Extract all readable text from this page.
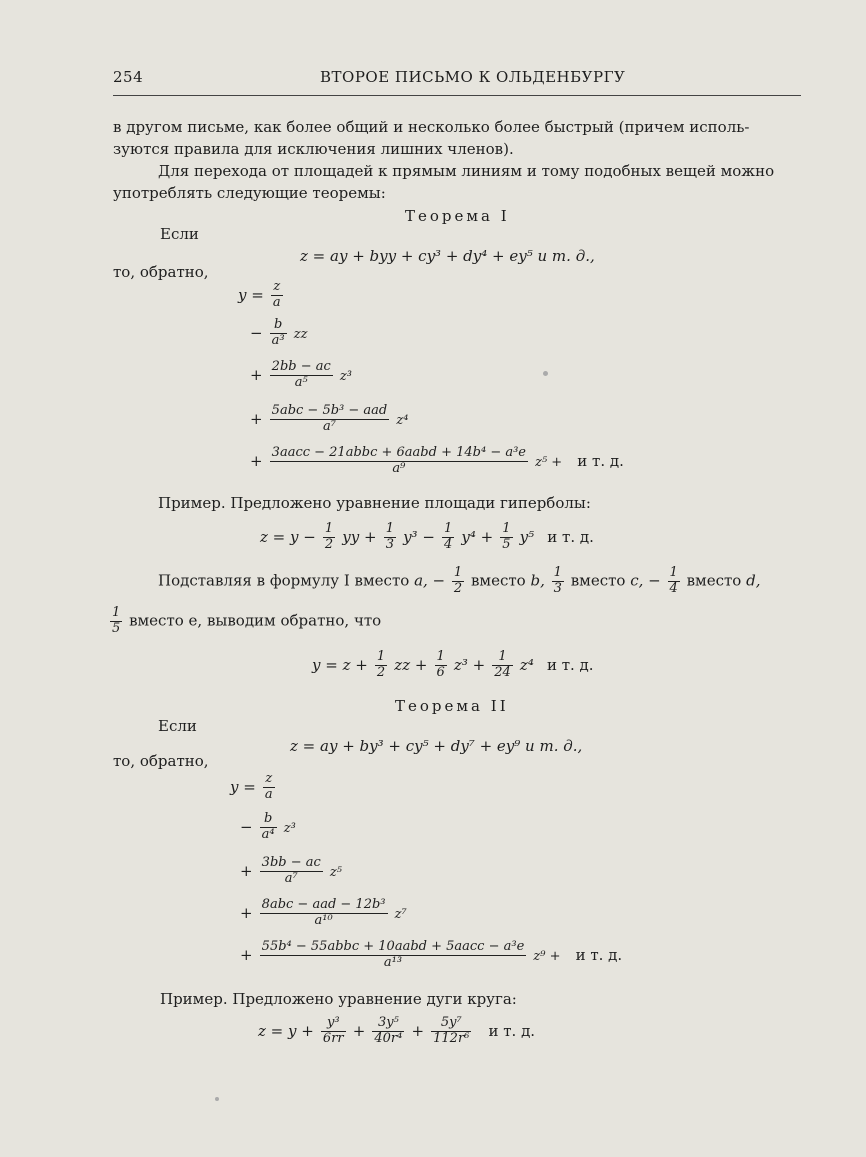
254	ВТОРОЕ ПИСЬМО К ОЛЬДЕНБУРГУ
в другом письме, как более общий и несколько более быстрый (причем исполь-
зуются правила для исключения лишних членов).
Для перехода от площадей к прямым линиям и тому подобных вещей можно
употреблять следующие теоремы:
Теорема I
Если
z = ay + byy + cy³ + dy⁴ + ey⁵ и т. д.,
то, обратно,
$y = \frac{z}{a}$
− $\frac{b}{\text{a³}}$ zz
+ $\frac{2bb - ac}{\text{a⁵}} z^3$
+ $\frac{\text{5abc − 5b³ − aad}}{\text{a⁷}} z^4$
+ $\frac{\text{3aacc − 21abbc + 6aabd + 14b⁴ − a³e}}{\text{a⁹}} z^5 + и$ т. д.
Пример. Предложено уравнение площади гиперболы:
$z = y - \frac{1}{2}$ yy + $\frac{1}{3} y^3 - \frac{1}{4} y^4 + \frac{1}{5} y^5$ и т. д.
Подставляя в формулу I вместо a, − $\frac{1}{2}$ вместо b, $\frac{1}{3}$ вместо c, − $\frac{1}{4}$ вместо d,
$\frac{1}{5}$ вместо e, выводим обратно, что
$y = z + \frac{1}{2}$ zz + $\frac{1}{6} z^3 + \frac{1}{24} z^4$ и т. д.
Теорема II
Если
z = ay + by³ + cy⁵ + dy⁷ + ey⁹ и т. д.,
то, обратно,
$y = \frac{z}{a}$
− $\frac{b}{\text{a⁴}} z^3$
+ $\frac{3bb - ac}{\text{a⁷}} z^5$
+ $\frac{\text{8abc − aad − 12b³}}{\text{a¹⁰}} z^7$
+ $\frac{\text{55b⁴ − 55abbc + 10aabd + 5aacc − a³e}}{\text{a¹³}} z^9 + и$ т. д.
Пример. Предложено уравнение дуги круга:
$z = y + \frac{\text{y³}}{6rr} + \frac{\text{3y⁵}}{\text{40r⁴}} + \frac{\text{5y⁷}}{\text{112r⁶}}$ и т. д.
